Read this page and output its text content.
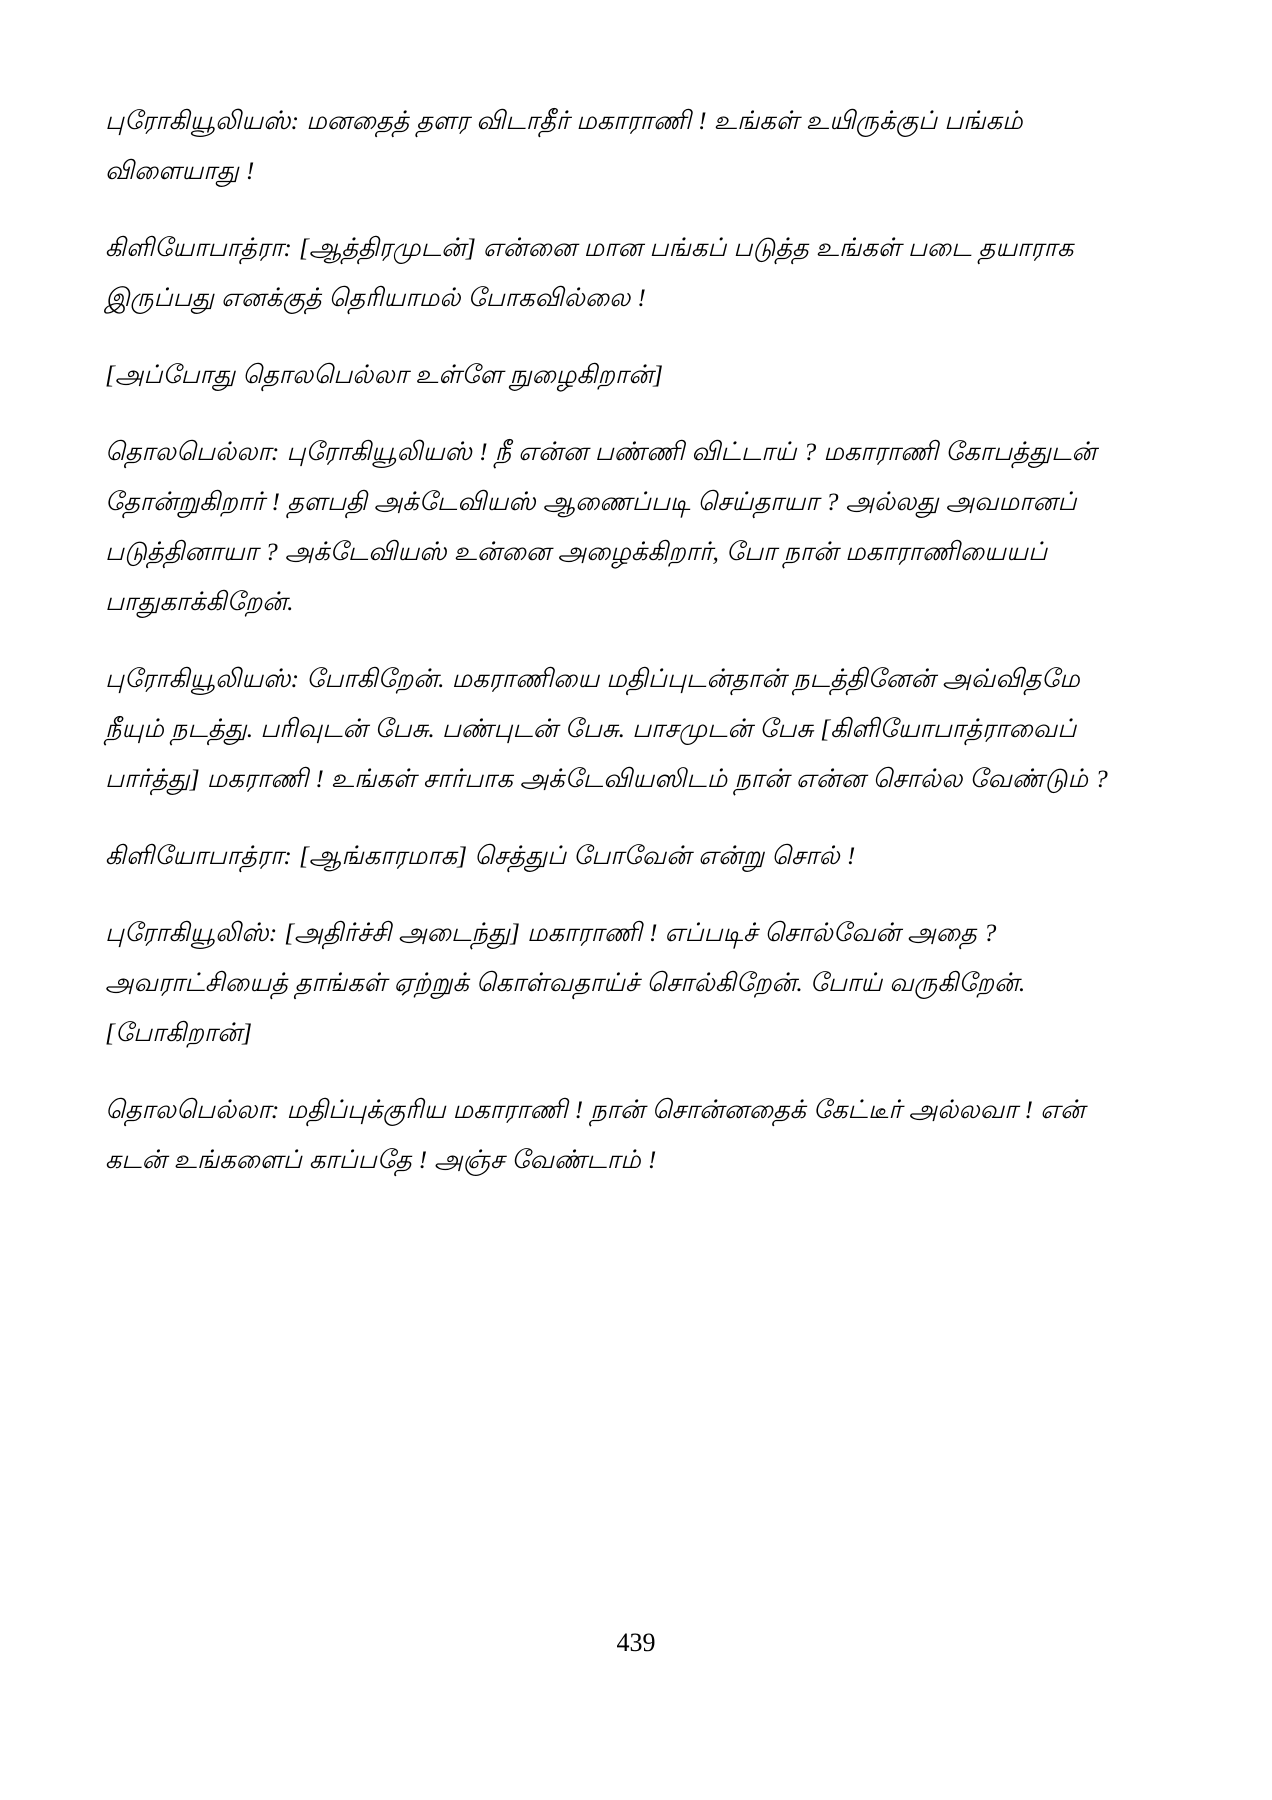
புரோகியூலியஸ்: மனதைத் தளர விடாதீர் மகாராணி ! உங்கள் உயிருக்குப் பங்கம் விளையாது !

கிளியோபாத்ரா: [ஆத்திரமுடன்] என்னை மான பங்கப் படுத்த உங்கள் படை தயாராக இருப்பது எனக்குத் தெரியாமல் போகவில்லை !

[அப்போது தொலபெல்லா உள்ளே நுழைகிறான்]

தொலபெல்லா: புரோகியூலியஸ் ! நீ என்ன பண்ணி விட்டாய் ? மகாராணி கோபத்துடன் தோன்றுகிறார் ! தளபதி அக்டேவியஸ் ஆணைப்படி செய்தாயா ? அல்லது அவமானப் படுத்தினாயா ? அக்டேவியஸ் உன்னை அழைக்கிறார், போ நான் மகாராணியையப் பாதுகாக்கிறேன்.

புரோகியூலியஸ்: போகிறேன். மகராணியை மதிப்புடன்தான் நடத்தினேன் அவ்விதமே நீயும் நடத்து. பரிவுடன் பேசு. பண்புடன் பேசு. பாசமுடன் பேசு [கிளியோபாத்ராவைப் பார்த்து] மகராணி ! உங்கள் சார்பாக அக்டேவியஸிடம் நான் என்ன சொல்ல வேண்டும் ?

கிளியோபாத்ரா: [ஆங்காரமாக] செத்துப் போவேன் என்று சொல் !

புரோகியூலிஸ்: [அதிர்ச்சி அடைந்து] மகாராணி ! எப்படிச் சொல்வேன் அதை ? அவராட்சியைத் தாங்கள் ஏற்றுக் கொள்வதாய்ச் சொல்கிறேன். போய் வருகிறேன். [போகிறான்]

தொலபெல்லா: மதிப்புக்குரிய மகாராணி ! நான் சொன்னதைக் கேட்டீர் அல்லவா ! என் கடன் உங்களைப் காப்பதே ! அஞ்ச வேண்டாம் !

439
